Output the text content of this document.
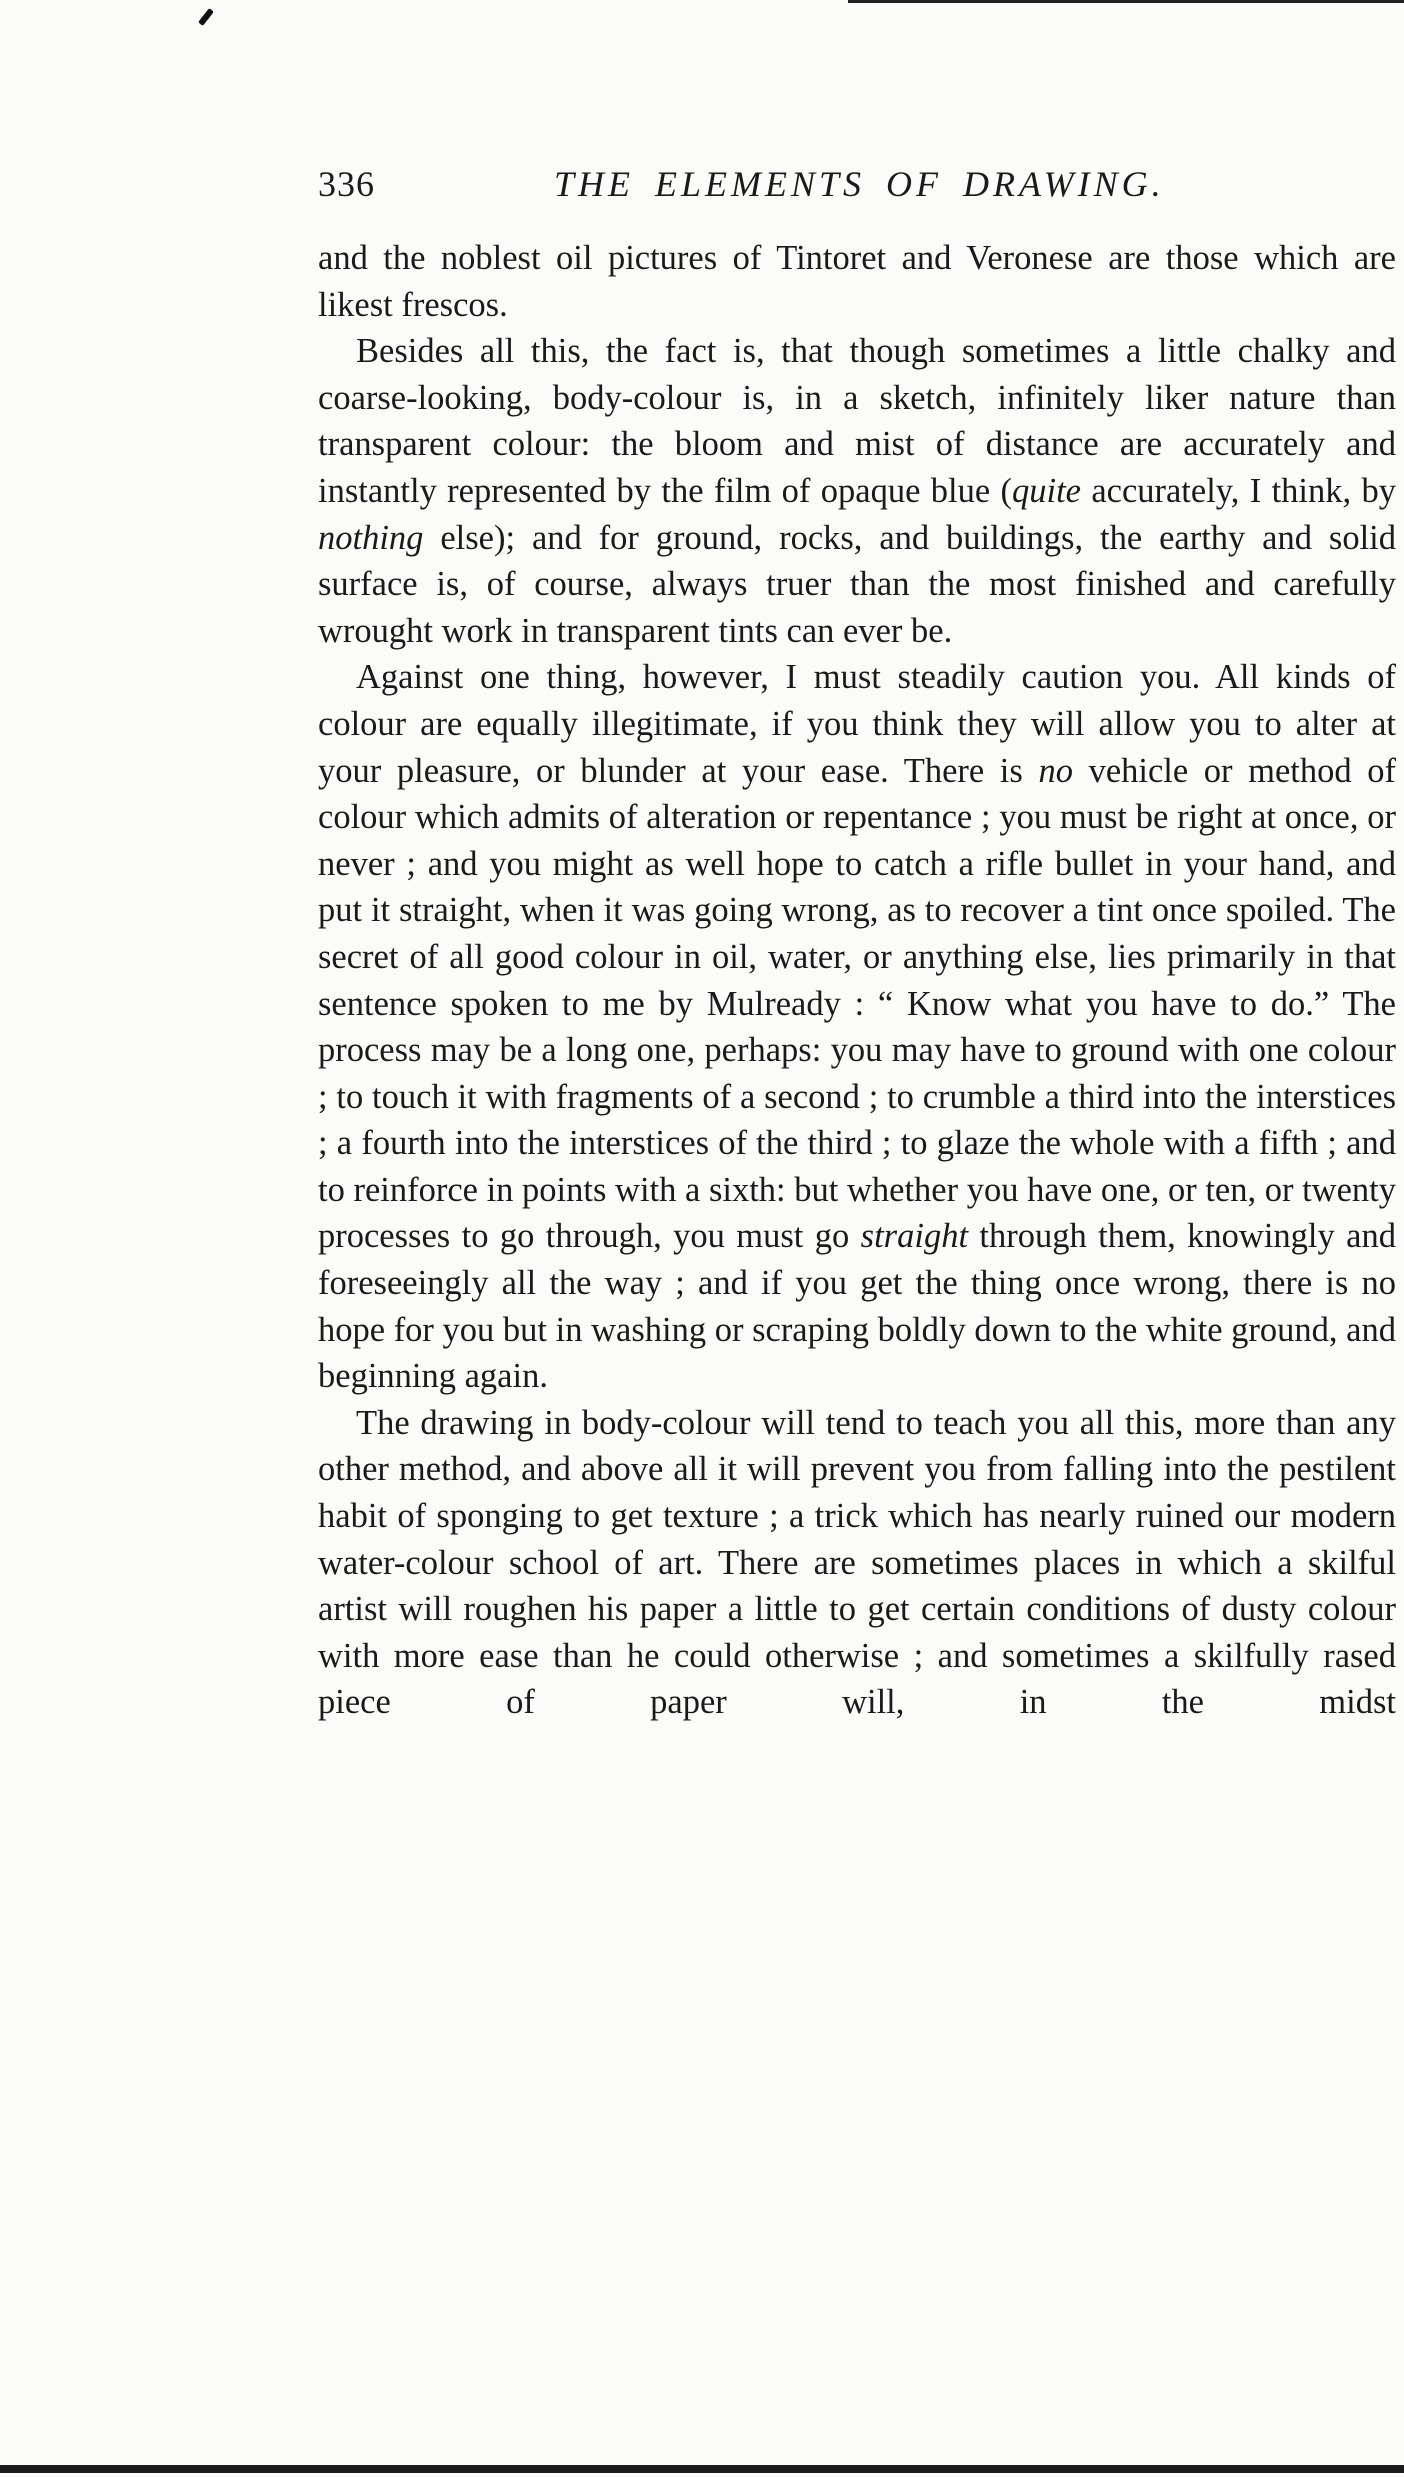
336	THE ELEMENTS OF DRAWING.

and the noblest oil pictures of Tintoret and Veronese are those which are likest frescos.

Besides all this, the fact is, that though sometimes a little chalky and coarse-looking, body-colour is, in a sketch, infinitely liker nature than transparent colour: the bloom and mist of distance are accurately and instantly represented by the film of opaque blue (quite accurately, I think, by nothing else); and for ground, rocks, and buildings, the earthy and solid surface is, of course, always truer than the most finished and carefully wrought work in transparent tints can ever be.

Against one thing, however, I must steadily caution you. All kinds of colour are equally illegitimate, if you think they will allow you to alter at your pleasure, or blunder at your ease. There is no vehicle or method of colour which admits of alteration or repentance ; you must be right at once, or never ; and you might as well hope to catch a rifle bullet in your hand, and put it straight, when it was going wrong, as to recover a tint once spoiled. The secret of all good colour in oil, water, or anything else, lies primarily in that sentence spoken to me by Mulready : “ Know what you have to do.” The process may be a long one, perhaps: you may have to ground with one colour ; to touch it with fragments of a second ; to crumble a third into the interstices ; a fourth into the interstices of the third ; to glaze the whole with a fifth ; and to reinforce in points with a sixth: but whether you have one, or ten, or twenty processes to go through, you must go straight through them, knowingly and foreseeingly all the way ; and if you get the thing once wrong, there is no hope for you but in washing or scraping boldly down to the white ground, and beginning again.

The drawing in body-colour will tend to teach you all this, more than any other method, and above all it will prevent you from falling into the pestilent habit of sponging to get texture ; a trick which has nearly ruined our modern water-colour school of art. There are sometimes places in which a skilful artist will roughen his paper a little to get certain conditions of dusty colour with more ease than he could otherwise ; and sometimes a skilfully rased piece of paper will, in the midst
